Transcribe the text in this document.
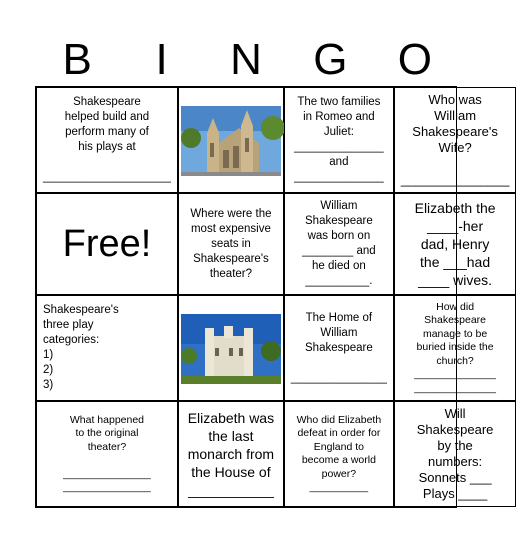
B	I	N	G	O
Shakespeare
helped build and
perform many of
his plays at

____________________
The two families
in Romeo and
Juliet:
______________
and
______________
Who was
William
Shakespeare's
Wife?

_______________
Free!
Where were the
most expensive
seats in
Shakespeare's
theater?
William
Shakespeare
was born on
________ and
he died on
__________.
Elizabeth the
____-her
dad, Henry
the ___had
____ wives.
Shakespeare's
three play
categories:
1)
2)
3)
The Home of
William
Shakespeare

_______________
How did
Shakespeare
manage to be
buried inside the
church?
______________
______________
What happened
to the original
theater?

_______________
_______________
Elizabeth was
the last
monarch from
the House of
___________
Who did Elizabeth
defeat in order for
England to
become a world
power?
__________
Will
Shakespeare
by the
numbers:
Sonnets ___
Plays ____
